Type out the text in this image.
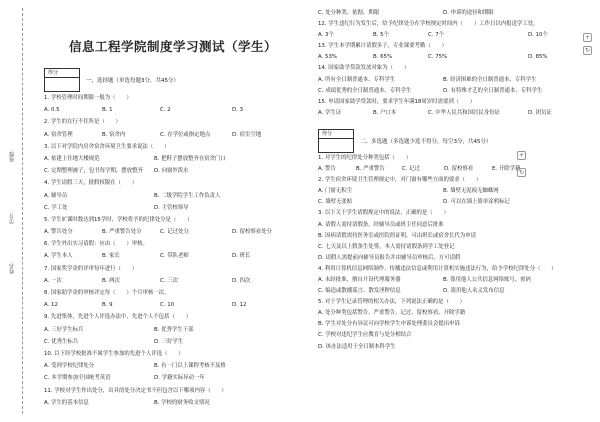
班级:
学号:
姓名:
信息工程学院制度学习测试（学生）
得分
一、选择题（单选每题3分，共45分）
1. 学校管理时间期限一般为（　　）
A. 0.5	B. 1	C. 2	D. 3
2. 学生的在行不住所是（　　）
A. 宿舍管理	B. 宿舍内	C. 存学位或指定地点	D. 宿室空地
3. 以下对学院内房舍宿舍环境卫生要求说法（　　）
A. 依建上往地大楼规范	B. 把鞋子摆放整齐在宿舍门口
C. 定期整理被子，包书每学期，摆放整齐 D. 向窗外泼水
4. 学生请假三天，批假权限在（　　）
A. 辅导员	B. 二级学院学生工作负责人
C. 学工处	D. 主管校领导
5. 学生旷课时数达到15学时，学校将予的纪律处分是（　　）
A. 警告处分	B. 严重警告处分	C. 记过处分	D. 留校察看处分
6. 学生外出实习请假：应由（　　）审核。
A. 学生本人	B. 家长	C. 带队老师	D. 班长
7. 国家奖学金的评审每年进行（　　）
A. 一次	B. 两次	C. 三次	D. 四次
8. 国家助学金的审核评定每（　　）个月审核一次。
A. 12	B. 9	C. 10	D. 12
9. 先进集体，先进个人评选办法中，先进个人不包括（　　）
A. 三好学生标兵	B. 优秀学生干部
C. 优秀生标兵	D. 三好学生
10. 以下经学校批准不属学生参加的先进个人评选（　　）
A. 受到学校纪律处分	B. 有一门以上课程考核不及格
C. 本学期参加全国统考英语	D. 学籍实际异动一年
11. 学校对学生作出处分，出具的处分决定书不但包含以下哪项内容（　　）
A. 学生的基本信息	B. 学校的财务收支情况
C. 处分种类、依据、期限	D. 申诉的途径和期限
12. 学生违纪行为发生后，给予纪律处分在学校规定时间内（　　）工作日以内报送学工处。
A. 3个	B. 5个	C. 7个	D. 10个
13. 学生本学期累计请假多于，专业课要考勤（　　）
A. 53%	B. 65%	C. 75%	D. 85%
14. 国家助学贷款发放对象为（　　）
A. 所有全日制普通本、专科学生	B. 经济困难的全日制普通本、专科学生
C. 成绩优秀的全日制普通本、专科学生	D. 有特殊才艺的全日制普通本、专科学生
15. 申请国家助学贷款时，要求学生年满18周岁时需要到（　　）
A. 学生证	B. 户口本	C. 中华人民共和国居民身份证	D. 团员证
得分
二、多选题（多选题少选不得分，每空3分，共45分）
1. 对学生的纪律处分种类包括（　　）
A. 警告	B. 严重警告	C. 记过	D. 留校察看	E. 开除学籍
2. 学生宿舍环境卫生管理规定中，对门窗有哪些方面的要求（　　）
A. 门窗无积尘	B. 墙壁无泥痕无蜘蛛网
C. 墙壁无张贴	D. 可以在墙上简单涂鸦标记
3. 以下关于学生请假规定中的说法，正确的是（　　）
A. 请假人需持请假条，经辅导员或班主任同意后批准
B. 因病请假需持医务室或医院的证明，可由班长或宿舍长代为申请
C. 七天及以上假条生处签，本人需持请假条到学工处登记
D. 请假人需提前向辅导员报告并由辅导员审核后，方可请假
4. 利用计算机信息网络制作、传播违法信息或利用计算机实施违法行为，给予学校纪律处分（　　）
A. 未经批准，擅自开设代理服务器	B. 盗用他人公共信息网络账号、密码
C. 编造或散播谣言、散发淫秽信息	D. 盗用他人名义发布信息
5. 对于学生记录管理的相关办法，下列说法正确的是（　　）
A. 处分种类包括警告、严重警告、记过、留校察看、开除学籍
B. 学生对处分有异议可向学校学生申诉处理委员会提出申诉
C. 学校对违纪学生应教育与处分相结合
D. 该办法适用于全日制本科学生
+
+
↻
↻
